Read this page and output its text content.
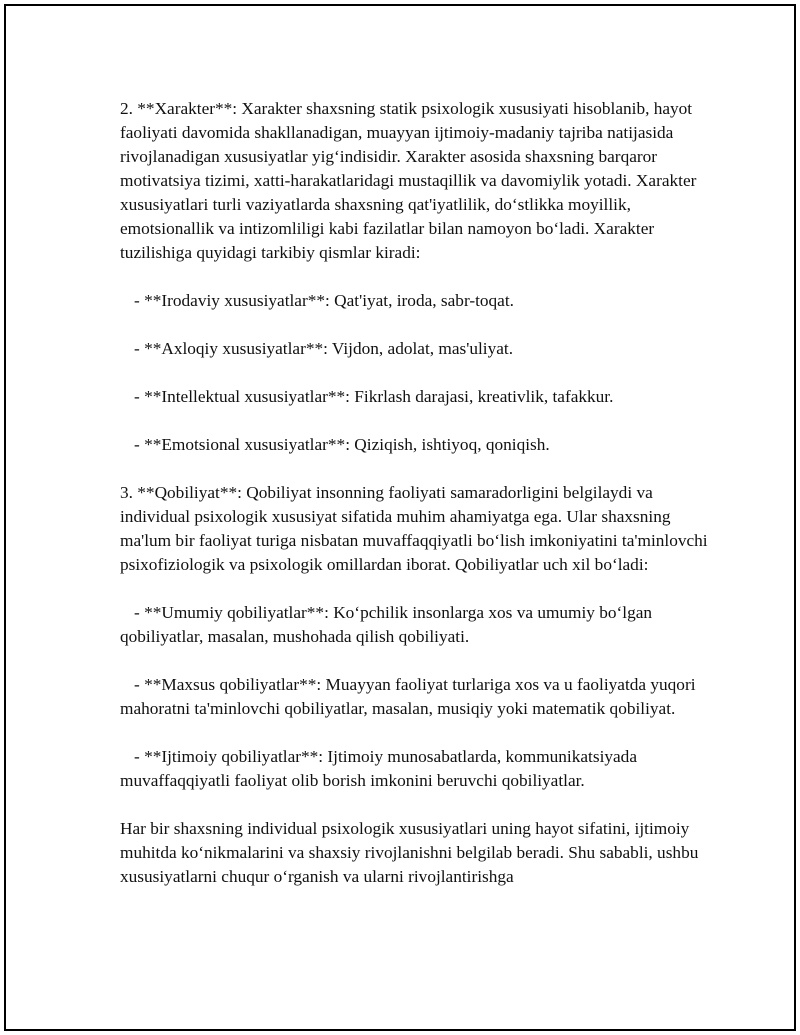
2. **Xarakter**: Xarakter shaxsning statik psixologik xususiyati hisoblanib, hayot faoliyati davomida shakllanadigan, muayyan ijtimoiy-madaniy tajriba natijasida rivojlanadigan xususiyatlar yig‘indisidir. Xarakter asosida shaxsning barqaror motivatsiya tizimi, xatti-harakatlaridagi mustaqillik va davomiylik yotadi. Xarakter xususiyatlari turli vaziyatlarda shaxsning qat'iyatlilik, do‘stlikka moyillik, emotsionallik va intizomliligi kabi fazilatlar bilan namoyon bo‘ladi. Xarakter tuzilishiga quyidagi tarkibiy qismlar kiradi:

- **Irodaviy xususiyatlar**: Qat'iyat, iroda, sabr-toqat.

- **Axloqiy xususiyatlar**: Vijdon, adolat, mas'uliyat.

- **Intellektual xususiyatlar**: Fikrlash darajasi, kreativlik, tafakkur.

- **Emotsional xususiyatlar**: Qiziqish, ishtiyoq, qoniqish.

3. **Qobiliyat**: Qobiliyat insonning faoliyati samaradorligini belgilaydi va individual psixologik xususiyat sifatida muhim ahamiyatga ega. Ular shaxsning ma'lum bir faoliyat turiga nisbatan muvaffaqqiyatli bo‘lish imkoniyatini ta'minlovchi psixofiziologik va psixologik omillardan iborat. Qobiliyatlar uch xil bo‘ladi:

- **Umumiy qobiliyatlar**: Ko‘pchilik insonlarga xos va umumiy bo‘lgan qobiliyatlar, masalan, mushohada qilish qobiliyati.

- **Maxsus qobiliyatlar**: Muayyan faoliyat turlariga xos va u faoliyatda yuqori mahoratni ta'minlovchi qobiliyatlar, masalan, musiqiy yoki matematik qobiliyat.

- **Ijtimoiy qobiliyatlar**: Ijtimoiy munosabatlarda, kommunikatsiyada muvaffaqqiyatli faoliyat olib borish imkonini beruvchi qobiliyatlar.

Har bir shaxsning individual psixologik xususiyatlari uning hayot sifatini, ijtimoiy muhitda ko‘nikmalarini va shaxsiy rivojlanishni belgilab beradi. Shu sababli, ushbu xususiyatlarni chuqur o‘rganish va ularni rivojlantirishga
